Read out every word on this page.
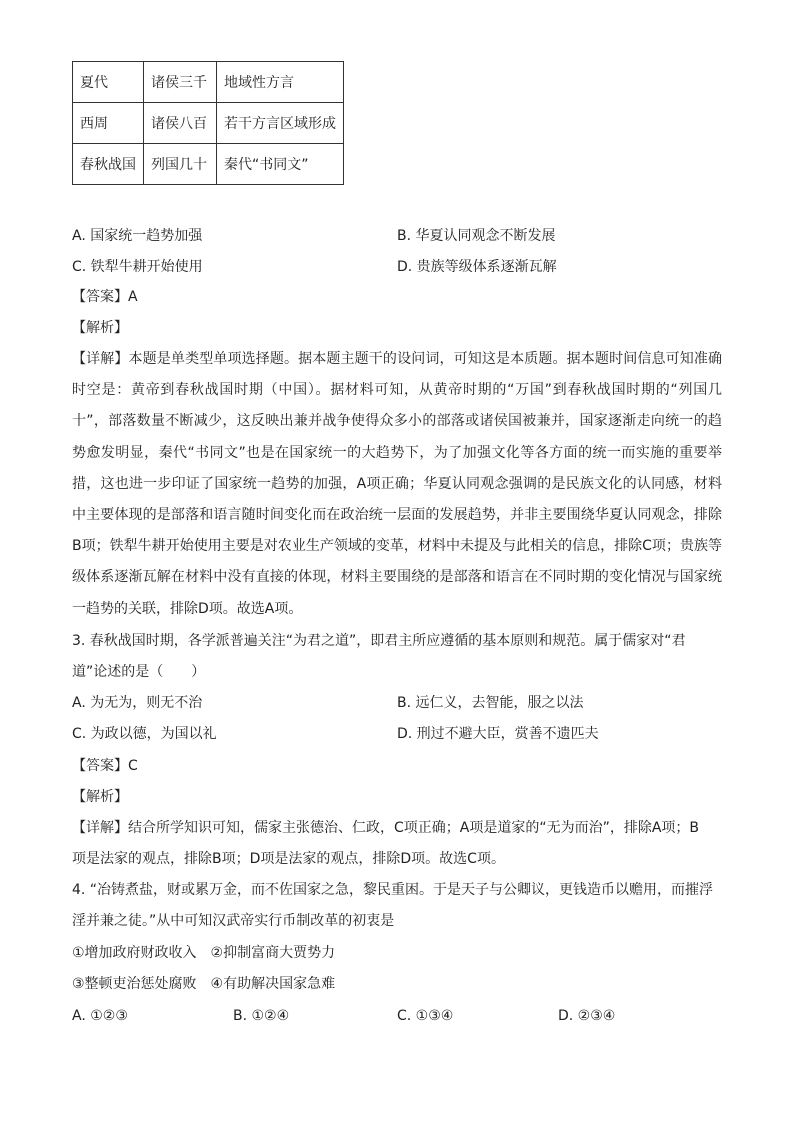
夏代	诸侯三千	地域性方言
西周	诸侯八百	若干方言区域形成
春秋战国	列国几十	秦代“书同文”
A. 国家统一趋势加强	B. 华夏认同观念不断发展
C. 铁犁牛耕开始使用	D. 贵族等级体系逐渐瓦解
【答案】A
【解析】
【详解】本题是单类型单项选择题。据本题主题干的设问词，可知这是本质题。据本题时间信息可知准确时空是：黄帝到春秋战国时期（中国）。据材料可知，从黄帝时期的“万国”到春秋战国时期的“列国几十”，部落数量不断减少，这反映出兼并战争使得众多小的部落或诸侯国被兼并，国家逐渐走向统一的趋势愈发明显，秦代“书同文”也是在国家统一的大趋势下，为了加强文化等各方面的统一而实施的重要举措，这也进一步印证了国家统一趋势的加强，A项正确；华夏认同观念强调的是民族文化的认同感，材料中主要体现的是部落和语言随时间变化而在政治统一层面的发展趋势，并非主要围绕华夏认同观念，排除B项；铁犁牛耕开始使用主要是对农业生产领域的变革，材料中未提及与此相关的信息，排除C项；贵族等级体系逐渐瓦解在材料中没有直接的体现，材料主要围绕的是部落和语言在不同时期的变化情况与国家统一趋势的关联，排除D项。故选A项。
3. 春秋战国时期，各学派普遍关注“为君之道”，即君主所应遵循的基本原则和规范。属于儒家对“君
道”论述的是（　　）
A. 为无为，则无不治	B. 远仁义，去智能，服之以法
C. 为政以德，为国以礼	D. 刑过不避大臣，赏善不遗匹夫
【答案】C
【解析】
【详解】结合所学知识可知，儒家主张德治、仁政，C项正确；A项是道家的“无为而治”，排除A项；B
项是法家的观点，排除B项；D项是法家的观点，排除D项。故选C项。
4. “冶铸煮盐，财或累万金，而不佐国家之急，黎民重困。于是天子与公卿议，更钱造币以赡用，而摧浮
淫并兼之徒。”从中可知汉武帝实行币制改革的初衷是
①增加政府财政收入　②抑制富商大贾势力
③整顿吏治惩处腐败　④有助解决国家急难
A. ①②③	B. ①②④	C. ①③④	D. ②③④
